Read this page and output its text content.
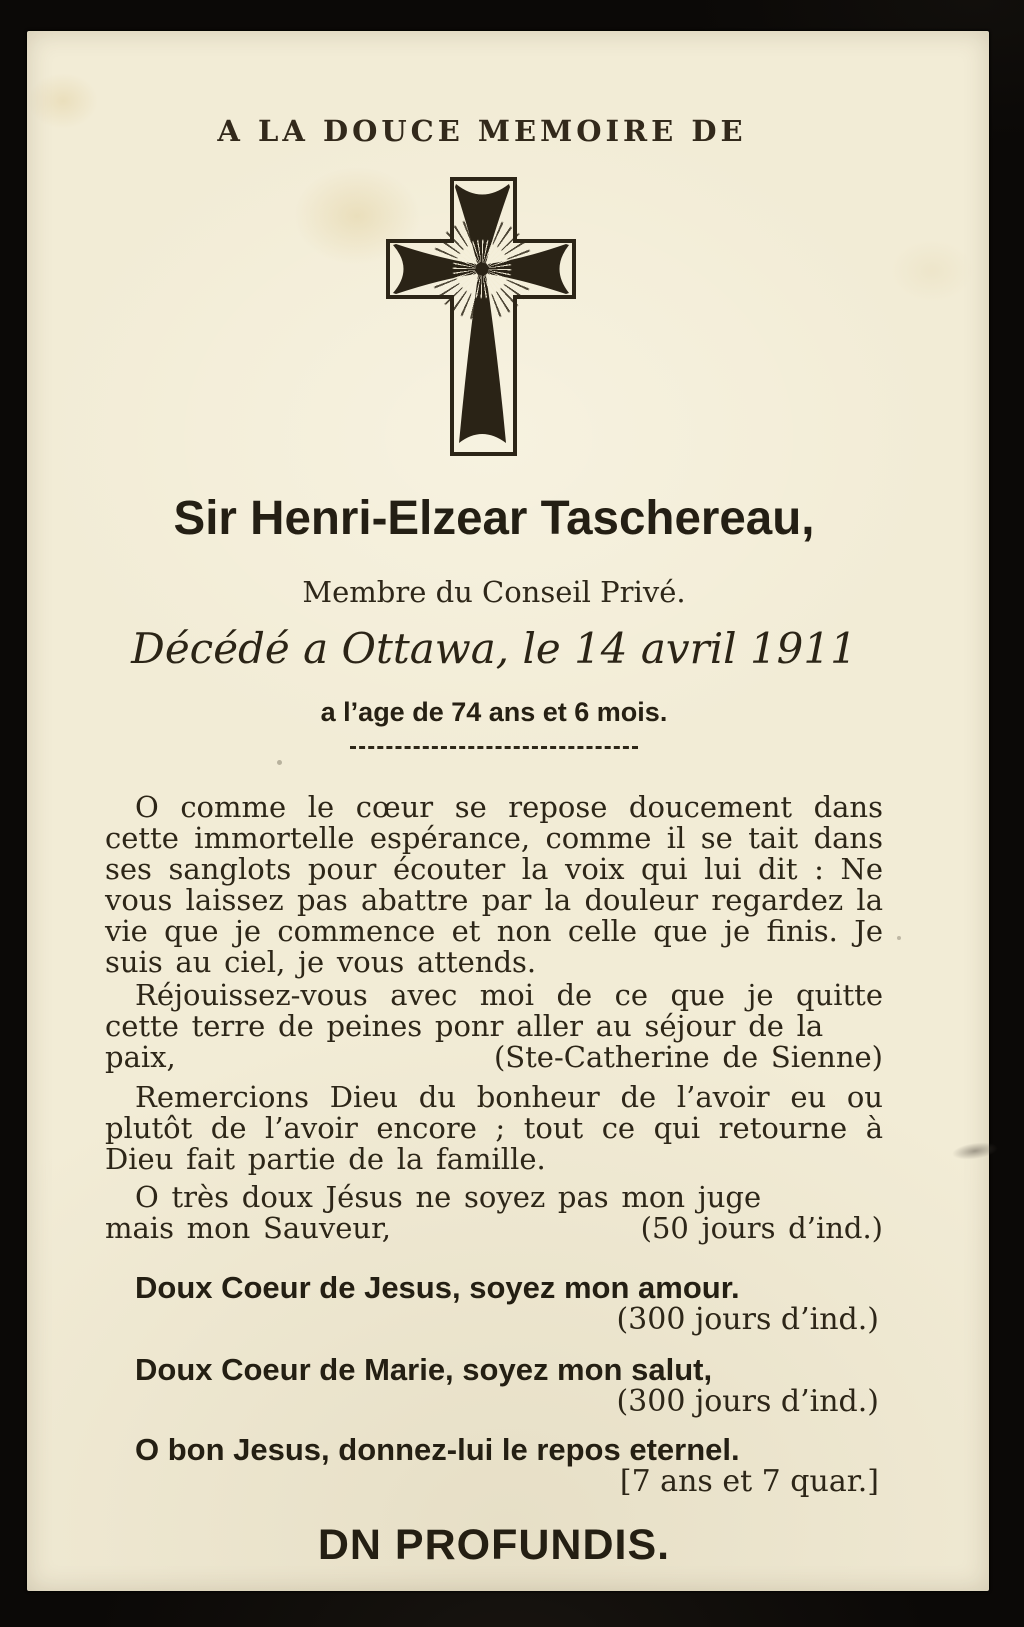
A LA DOUCE MEMOIRE DE
Sir Henri-Elzear Taschereau,
Membre du Conseil Privé.
Décédé a Ottawa, le 14 avril 1911
a l’age de 74 ans et 6 mois.

O comme le cœur se repose doucement dans cette immortelle espérance, comme il se tait dans ses sanglots pour écouter la voix qui lui dit : Ne vous laissez pas abattre par la douleur regardez la vie que je commence et non celle que je finis. Je suis au ciel, je vous attends.

Réjouissez-vous avec moi de ce que je quitte cette terre de peines ponr aller au séjour de la

paix,	(Ste-Catherine de Sienne)

Remercions Dieu du bonheur de l’avoir eu ou plutôt de l’avoir encore ; tout ce qui retourne à Dieu fait partie de la famille.

O très doux Jésus ne soyez pas mon juge

mais mon Sauveur,	(50 jours d’ind.)
Doux Coeur de Jesus, soyez mon amour.
(300 jours d’ind.)
Doux Coeur de Marie, soyez mon salut,
(300 jours d’ind.)
O bon Jesus, donnez-lui le repos eternel.
[7 ans et 7 quar.]
DN PROFUNDIS.
